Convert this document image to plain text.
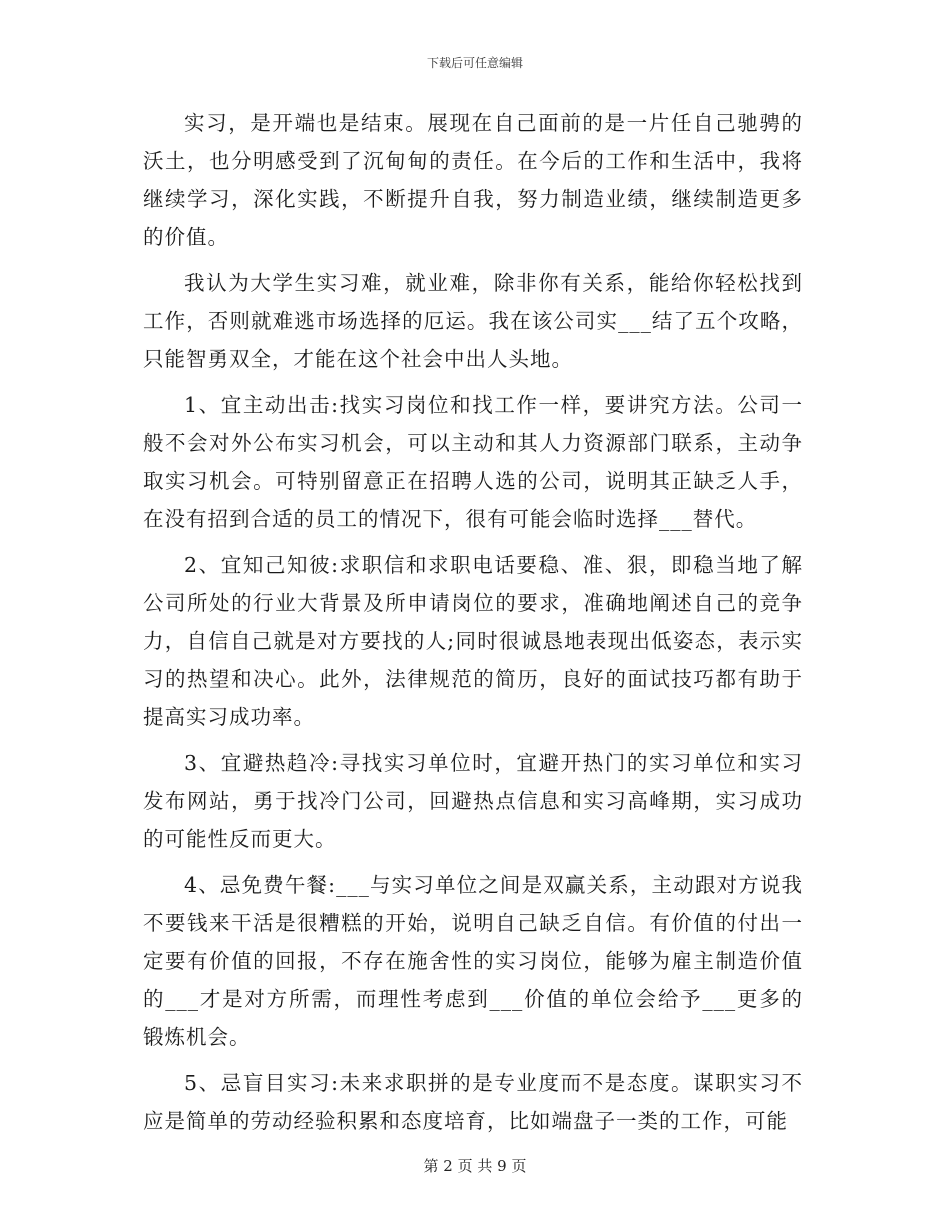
下载后可任意编辑

实习，是开端也是结束。展现在自己面前的是一片任自己驰骋的沃土，也分明感受到了沉甸甸的责任。在今后的工作和生活中，我将继续学习，深化实践，不断提升自我，努力制造业绩，继续制造更多的价值。

我认为大学生实习难，就业难，除非你有关系，能给你轻松找到工作，否则就难逃市场选择的厄运。我在该公司实___结了五个攻略，只能智勇双全，才能在这个社会中出人头地。

1、宜主动出击:找实习岗位和找工作一样，要讲究方法。公司一般不会对外公布实习机会，可以主动和其人力资源部门联系，主动争取实习机会。可特别留意正在招聘人选的公司，说明其正缺乏人手，在没有招到合适的员工的情况下，很有可能会临时选择___替代。

2、宜知己知彼:求职信和求职电话要稳、准、狠，即稳当地了解公司所处的行业大背景及所申请岗位的要求，准确地阐述自己的竞争力，自信自己就是对方要找的人;同时很诚恳地表现出低姿态，表示实习的热望和决心。此外，法律规范的简历，良好的面试技巧都有助于提高实习成功率。

3、宜避热趋冷:寻找实习单位时，宜避开热门的实习单位和实习发布网站，勇于找冷门公司，回避热点信息和实习高峰期，实习成功的可能性反而更大。

4、忌免费午餐:___与实习单位之间是双赢关系，主动跟对方说我不要钱来干活是很糟糕的开始，说明自己缺乏自信。有价值的付出一定要有价值的回报，不存在施舍性的实习岗位，能够为雇主制造价值的___才是对方所需，而理性考虑到___价值的单位会给予___更多的锻炼机会。

5、忌盲目实习:未来求职拼的是专业度而不是态度。谋职实习不应是简单的劳动经验积累和态度培育，比如端盘子一类的工作，可能

第 2 页 共 9 页
